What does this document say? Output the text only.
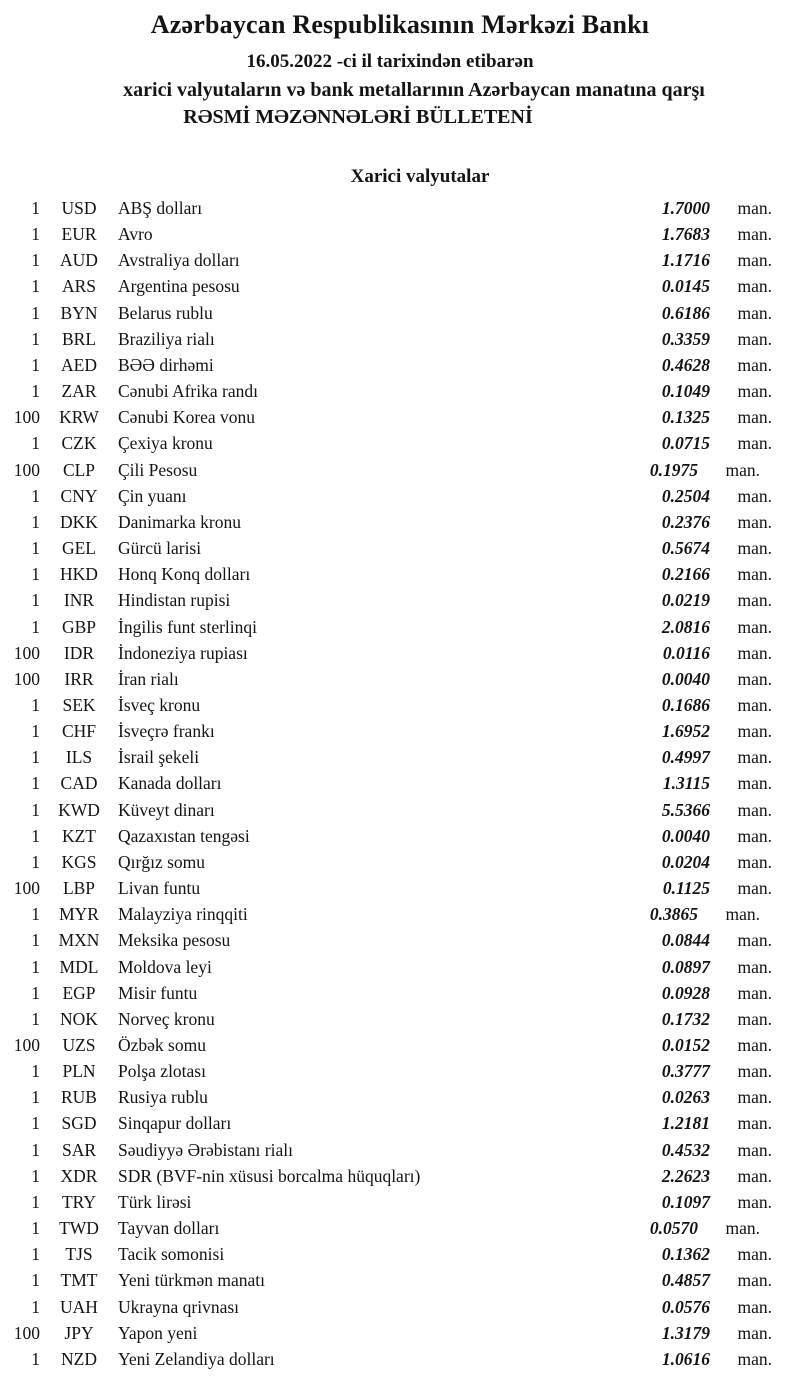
Azərbaycan Respublikasının Mərkəzi Bankı
16.05.2022 -ci il tarixindən etibarən
xarici valyutaların və bank metallarının Azərbaycan manatına qarşı
RƏSMİ MƏZƏNNƏLƏRİ BÜLLETENİ
Xarici valyutalar
1	USD	ABŞ dolları	1.7000	man.
1	EUR	Avro	1.7683	man.
1	AUD	Avstraliya dolları	1.1716	man.
1	ARS	Argentina pesosu	0.0145	man.
1	BYN	Belarus rublu	0.6186	man.
1	BRL	Braziliya rialı	0.3359	man.
1	AED	BƏƏ dirhəmi	0.4628	man.
1	ZAR	Cənubi Afrika randı	0.1049	man.
100	KRW	Cənubi Korea vonu	0.1325	man.
1	CZK	Çexiya kronu	0.0715	man.
100	CLP	Çili Pesosu	0.1975	man.
1	CNY	Çin yuanı	0.2504	man.
1	DKK	Danimarka kronu	0.2376	man.
1	GEL	Gürcü larisi	0.5674	man.
1	HKD	Honq Konq dolları	0.2166	man.
1	INR	Hindistan rupisi	0.0219	man.
1	GBP	İngilis funt sterlinqi	2.0816	man.
100	IDR	İndoneziya rupiası	0.0116	man.
100	IRR	İran rialı	0.0040	man.
1	SEK	İsveç kronu	0.1686	man.
1	CHF	İsveçrə frankı	1.6952	man.
1	ILS	İsrail şekeli	0.4997	man.
1	CAD	Kanada dolları	1.3115	man.
1	KWD	Küveyt dinarı	5.5366	man.
1	KZT	Qazaxıstan tengəsi	0.0040	man.
1	KGS	Qırğız somu	0.0204	man.
100	LBP	Livan funtu	0.1125	man.
1	MYR	Malayziya rinqqiti	0.3865	man.
1	MXN	Meksika pesosu	0.0844	man.
1	MDL	Moldova leyi	0.0897	man.
1	EGP	Misir funtu	0.0928	man.
1	NOK	Norveç kronu	0.1732	man.
100	UZS	Özbək somu	0.0152	man.
1	PLN	Polşa zlotası	0.3777	man.
1	RUB	Rusiya rublu	0.0263	man.
1	SGD	Sinqapur dolları	1.2181	man.
1	SAR	Səudiyyə Ərəbistanı rialı	0.4532	man.
1	XDR	SDR (BVF-nin xüsusi borcalma hüquqları)	2.2623	man.
1	TRY	Türk lirəsi	0.1097	man.
1	TWD	Tayvan dolları	0.0570	man.
1	TJS	Tacik somonisi	0.1362	man.
1	TMT	Yeni türkmən manatı	0.4857	man.
1	UAH	Ukrayna qrivnası	0.0576	man.
100	JPY	Yapon yeni	1.3179	man.
1	NZD	Yeni Zelandiya dolları	1.0616	man.
